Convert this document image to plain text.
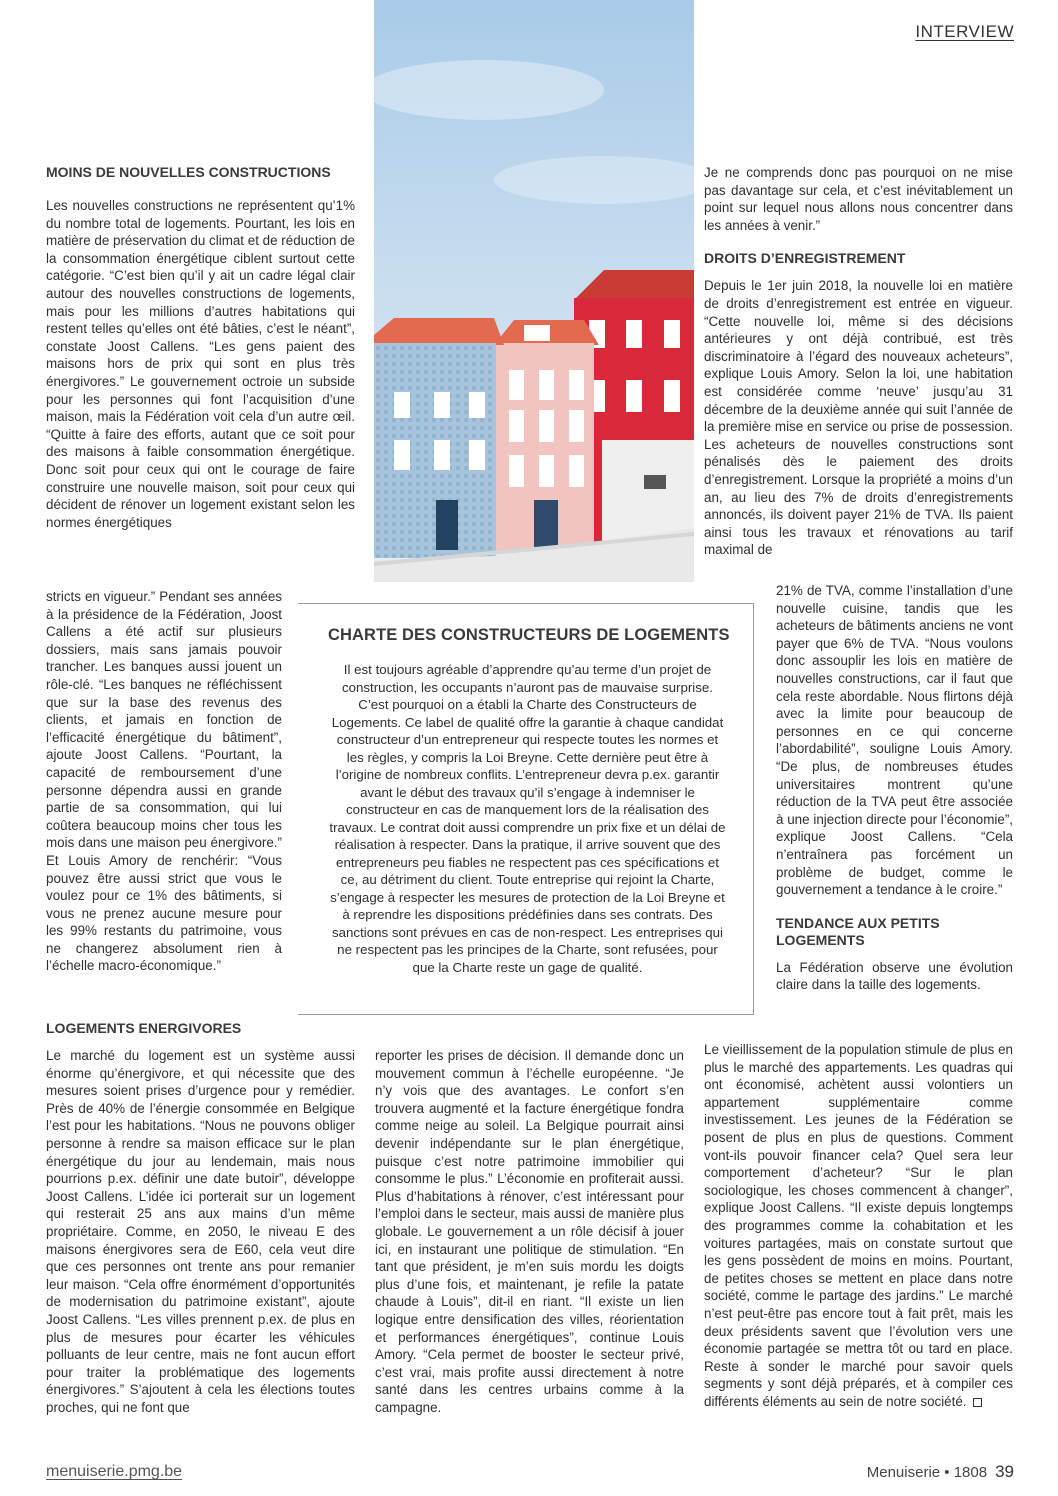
INTERVIEW
MOINS DE NOUVELLES CONSTRUCTIONS

Les nouvelles constructions ne représentent qu’1% du nombre total de logements. Pourtant, les lois en matière de préservation du climat et de réduction de la consommation énergétique ciblent surtout cette catégorie. “C’est bien qu’il y ait un cadre légal clair autour des nouvelles constructions de logements, mais pour les millions d’autres habitations qui restent telles qu’elles ont été bâties, c’est le néant”, constate Joost Callens. “Les gens paient des maisons hors de prix qui sont en plus très énergivores.” Le gouvernement octroie un subside pour les personnes qui font l’acquisition d’une maison, mais la Fédération voit cela d’un autre œil. “Quitte à faire des efforts, autant que ce soit pour des maisons à faible consommation énergétique. Donc soit pour ceux qui ont le courage de faire construire une nouvelle maison, soit pour ceux qui décident de rénover un logement existant selon les normes énergétiques

stricts en vigueur.” Pendant ses années à la présidence de la Fédération, Joost Callens a été actif sur plusieurs dossiers, mais sans jamais pouvoir trancher. Les banques aussi jouent un rôle-clé. “Les banques ne réfléchissent que sur la base des revenus des clients, et jamais en fonction de l’efficacité énergétique du bâtiment”, ajoute Joost Callens. “Pourtant, la capacité de remboursement d’une personne dépendra aussi en grande partie de sa consommation, qui lui coûtera beaucoup moins cher tous les mois dans une maison peu énergivore.” Et Louis Amory de renchérir: “Vous pouvez être aussi strict que vous le voulez pour ce 1% des bâtiments, si vous ne prenez aucune mesure pour les 99% restants du patrimoine, vous ne changerez absolument rien à l’échelle macro-économique.”

LOGEMENTS ENERGIVORES

Le marché du logement est un système aussi énorme qu’énergivore, et qui nécessite que des mesures soient prises d’urgence pour y remédier. Près de 40% de l’énergie consommée en Belgique l’est pour les habitations. “Nous ne pouvons obliger personne à rendre sa maison efficace sur le plan énergétique du jour au lendemain, mais nous pourrions p.ex. définir une date butoir”, développe Joost Callens. L’idée ici porterait sur un logement qui resterait 25 ans aux mains d’un même propriétaire. Comme, en 2050, le niveau E des maisons énergivores sera de E60, cela veut dire que ces personnes ont trente ans pour remanier leur maison. “Cela offre énormément d’opportunités de modernisation du patrimoine existant”, ajoute Joost Callens. “Les villes prennent p.ex. de plus en plus de mesures pour écarter les véhicules polluants de leur centre, mais ne font aucun effort pour traiter la problématique des logements énergivores.” S’ajoutent à cela les élections toutes proches, qui ne font que

CHARTE DES CONSTRUCTEURS DE LOGEMENTS

Il est toujours agréable d’apprendre qu’au terme d’un projet de construction, les occupants n’auront pas de mauvaise surprise. C’est pourquoi on a établi la Charte des Constructeurs de Logements. Ce label de qualité offre la garantie à chaque candidat constructeur d’un entrepreneur qui respecte toutes les normes et les règles, y compris la Loi Breyne. Cette dernière peut être à l’origine de nombreux conflits. L’entrepreneur devra p.ex. garantir avant le début des travaux qu’il s’engage à indemniser le constructeur en cas de manquement lors de la réalisation des travaux. Le contrat doit aussi comprendre un prix fixe et un délai de réalisation à respecter. Dans la pratique, il arrive souvent que des entrepreneurs peu fiables ne respectent pas ces spécifications et ce, au détriment du client. Toute entreprise qui rejoint la Charte, s’engage à respecter les mesures de protection de la Loi Breyne et à reprendre les dispositions prédéfinies dans ses contrats. Des sanctions sont prévues en cas de non-respect. Les entreprises qui ne respectent pas les principes de la Charte, sont refusées, pour que la Charte reste un gage de qualité.

reporter les prises de décision. Il demande donc un mouvement commun à l’échelle européenne. “Je n’y vois que des avantages. Le confort s’en trouvera augmenté et la facture énergétique fondra comme neige au soleil. La Belgique pourrait ainsi devenir indépendante sur le plan énergétique, puisque c’est notre patrimoine immobilier qui consomme le plus.” L’économie en profiterait aussi. Plus d’habitations à rénover, c’est intéressant pour l’emploi dans le secteur, mais aussi de manière plus globale. Le gouvernement a un rôle décisif à jouer ici, en instaurant une politique de stimulation. “En tant que président, je m’en suis mordu les doigts plus d’une fois, et maintenant, je refile la patate chaude à Louis”, dit-il en riant. “Il existe un lien logique entre densification des villes, réorientation et performances énergétiques”, continue Louis Amory. “Cela permet de booster le secteur privé, c’est vrai, mais profite aussi directement à notre santé dans les centres urbains comme à la campagne.

Je ne comprends donc pas pourquoi on ne mise pas davantage sur cela, et c’est inévitablement un point sur lequel nous allons nous concentrer dans les années à venir.”

DROITS D’ENREGISTREMENT

Depuis le 1er juin 2018, la nouvelle loi en matière de droits d’enregistrement est entrée en vigueur. “Cette nouvelle loi, même si des décisions antérieures y ont déjà contribué, est très discriminatoire à l’égard des nouveaux acheteurs”, explique Louis Amory. Selon la loi, une habitation est considérée comme ‘neuve’ jusqu’au 31 décembre de la deuxième année qui suit l’année de la première mise en service ou prise de possession. Les acheteurs de nouvelles constructions sont pénalisés dès le paiement des droits d’enregistrement. Lorsque la propriété a moins d’un an, au lieu des 7% de droits d’enregistrements annoncés, ils doivent payer 21% de TVA. Ils paient ainsi tous les travaux et rénovations au tarif maximal de

21% de TVA, comme l’installation d’une nouvelle cuisine, tandis que les acheteurs de bâtiments anciens ne vont payer que 6% de TVA. “Nous voulons donc assouplir les lois en matière de nouvelles constructions, car il faut que cela reste abordable. Nous flirtons déjà avec la limite pour beaucoup de personnes en ce qui concerne l’abordabilité”, souligne Louis Amory. “De plus, de nombreuses études universitaires montrent qu’une réduction de la TVA peut être associée à une injection directe pour l’économie”, explique Joost Callens. “Cela n’entraînera pas forcément un problème de budget, comme le gouvernement a tendance à le croire.”

TENDANCE AUX PETITS LOGEMENTS

La Fédération observe une évolution claire dans la taille des logements.

Le vieillissement de la population stimule de plus en plus le marché des appartements. Les quadras qui ont économisé, achètent aussi volontiers un appartement supplémentaire comme investissement. Les jeunes de la Fédération se posent de plus en plus de questions. Comment vont-ils pouvoir financer cela? Quel sera leur comportement d’acheteur? “Sur le plan sociologique, les choses commencent à changer”, explique Joost Callens. “Il existe depuis longtemps des programmes comme la cohabitation et les voitures partagées, mais on constate surtout que les gens possèdent de moins en moins. Pourtant, de petites choses se mettent en place dans notre société, comme le partage des jardins.” Le marché n’est peut-être pas encore tout à fait prêt, mais les deux présidents savent que l’évolution vers une économie partagée se mettra tôt ou tard en place. Reste à sonder le marché pour savoir quels segments y sont déjà préparés, et à compiler ces différents éléments au sein de notre société.

menuiserie.pmg.be	Menuiserie • 1808 39
